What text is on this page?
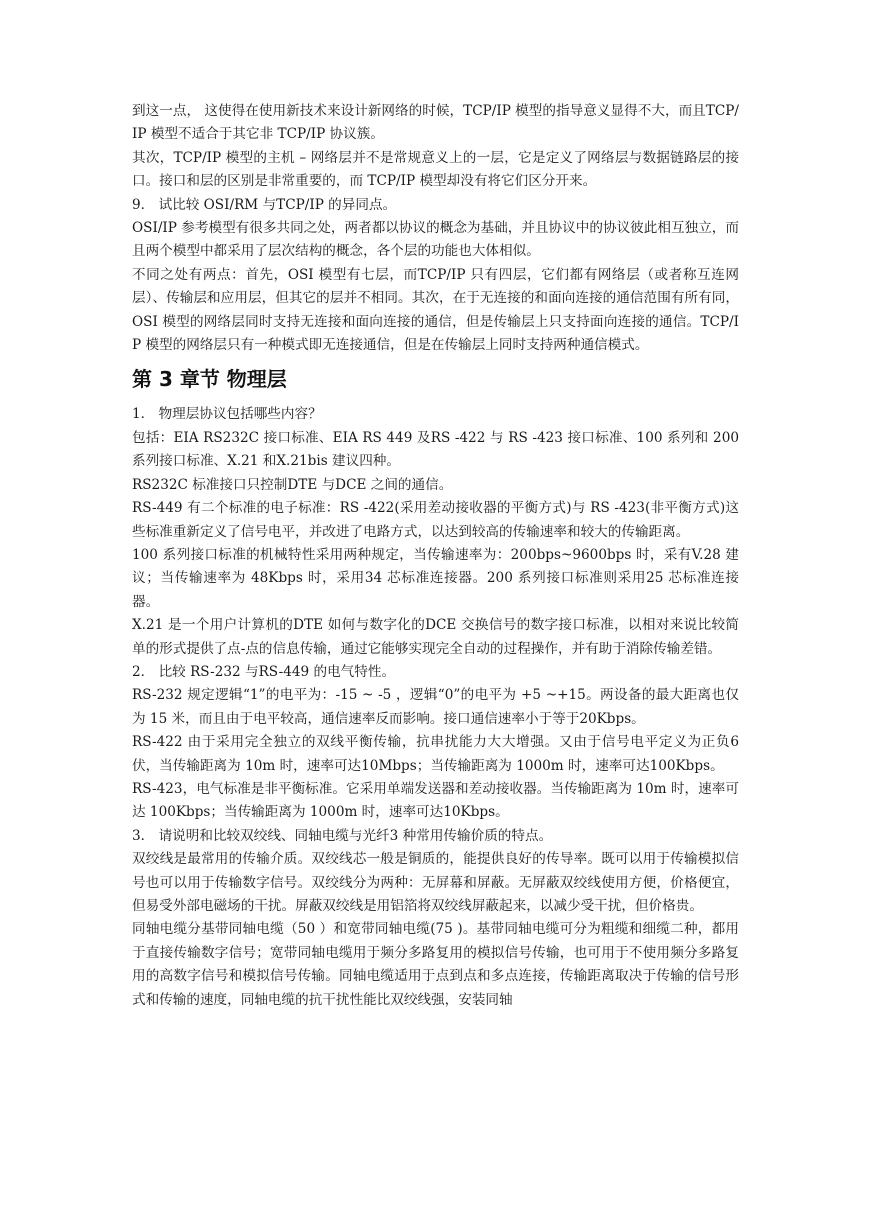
到这一点， 这使得在使用新技术来设计新网络的时候，TCP/IP 模型的指导意义显得不大，而且TCP/IP 模型不适合于其它非 TCP/IP 协议簇。

其次，TCP/IP 模型的主机 – 网络层并不是常规意义上的一层，它是定义了网络层与数据链路层的接口。接口和层的区别是非常重要的，而 TCP/IP 模型却没有将它们区分开来。

9． 试比较 OSI/RM 与TCP/IP 的异同点。

OSI/IP 参考模型有很多共同之处，两者都以协议的概念为基础，并且协议中的协议彼此相互独立，而且两个模型中都采用了层次结构的概念，各个层的功能也大体相似。

不同之处有两点：首先，OSI 模型有七层，而TCP/IP 只有四层，它们都有网络层（或者称互连网层）、传输层和应用层，但其它的层并不相同。其次，在于无连接的和面向连接的通信范围有所有同，OSI 模型的网络层同时支持无连接和面向连接的通信，但是传输层上只支持面向连接的通信。TCP/IP 模型的网络层只有一种模式即无连接通信，但是在传输层上同时支持两种通信模式。

第 3 章节 物理层

1． 物理层协议包括哪些内容？

包括：EIA RS232C 接口标准、EIA RS 449 及RS -422 与 RS -423 接口标准、100 系列和 200 系列接口标准、X.21 和X.21bis 建议四种。

RS232C 标准接口只控制DTE 与DCE 之间的通信。

RS-449 有二个标准的电子标准：RS -422(采用差动接收器的平衡方式)与 RS -423(非平衡方式)这些标准重新定义了信号电平，并改进了电路方式，以达到较高的传输速率和较大的传输距离。

100 系列接口标准的机械特性采用两种规定，当传输速率为：200bps~9600bps 时，采有V.28 建议；当传输速率为 48Kbps 时，采用34 芯标准连接器。200 系列接口标准则采用25 芯标准连接器。

X.21 是一个用户计算机的DTE 如何与数字化的DCE 交换信号的数字接口标准，以相对来说比较简单的形式提供了点-点的信息传输，通过它能够实现完全自动的过程操作，并有助于消除传输差错。

2． 比较 RS-232 与RS-449 的电气特性。

RS-232 规定逻辑“1”的电平为：-15 ~ -5 ，逻辑“0”的电平为 +5 ~+15。两设备的最大距离也仅为 15 米，而且由于电平较高，通信速率反而影响。接口通信速率小于等于20Kbps。

RS-422 由于采用完全独立的双线平衡传输，抗串扰能力大大增强。又由于信号电平定义为正负6伏，当传输距离为 10m 时，速率可达10Mbps；当传输距离为 1000m 时，速率可达100Kbps。

RS-423，电气标准是非平衡标准。它采用单端发送器和差动接收器。当传输距离为 10m 时，速率可达 100Kbps；当传输距离为 1000m 时，速率可达10Kbps。

3． 请说明和比较双绞线、同轴电缆与光纤3 种常用传输价质的特点。

双绞线是最常用的传输介质。双绞线芯一般是铜质的，能提供良好的传导率。既可以用于传输模拟信号也可以用于传输数字信号。双绞线分为两种：无屏幕和屏蔽。无屏蔽双绞线使用方便，价格便宜，但易受外部电磁场的干扰。屏蔽双绞线是用铝箔将双绞线屏蔽起来，以减少受干扰，但价格贵。

同轴电缆分基带同轴电缆（50 ）和宽带同轴电缆(75 )。基带同轴电缆可分为粗缆和细缆二种，都用于直接传输数字信号；宽带同轴电缆用于频分多路复用的模拟信号传输，也可用于不使用频分多路复用的高数字信号和模拟信号传输。同轴电缆适用于点到点和多点连接，传输距离取决于传输的信号形式和传输的速度，同轴电缆的抗干扰性能比双绞线强，安装同轴
